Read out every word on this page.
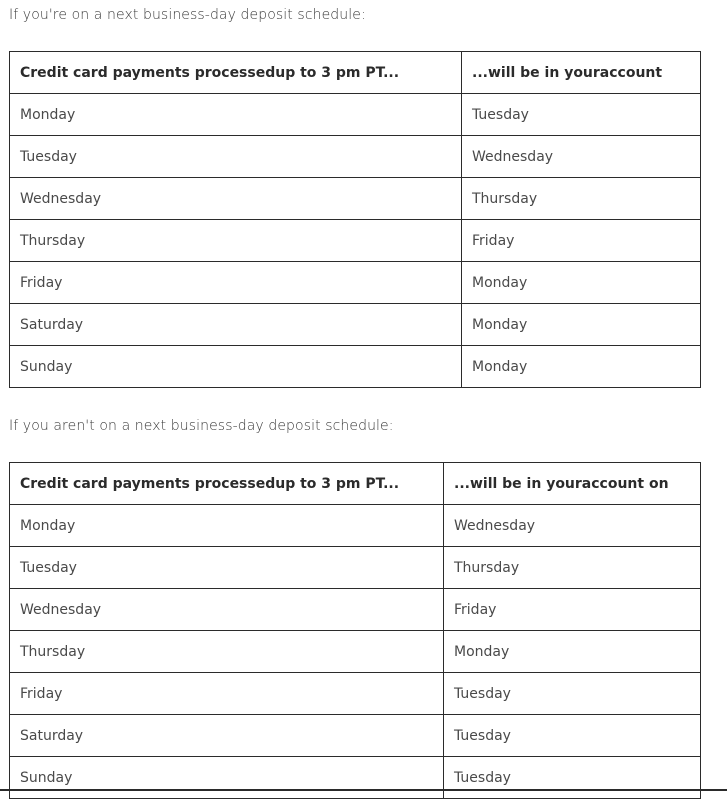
If you're on a next business-day deposit schedule:

Credit card payments processedup to 3 pm PT...	...will be in youraccount
Monday	Tuesday
Tuesday	Wednesday
Wednesday	Thursday
Thursday	Friday
Friday	Monday
Saturday	Monday
Sunday	Monday

If you aren't on a next business-day deposit schedule:

Credit card payments processedup to 3 pm PT...	...will be in youraccount on
Monday	Wednesday
Tuesday	Thursday
Wednesday	Friday
Thursday	Monday
Friday	Tuesday
Saturday	Tuesday
Sunday	Tuesday
